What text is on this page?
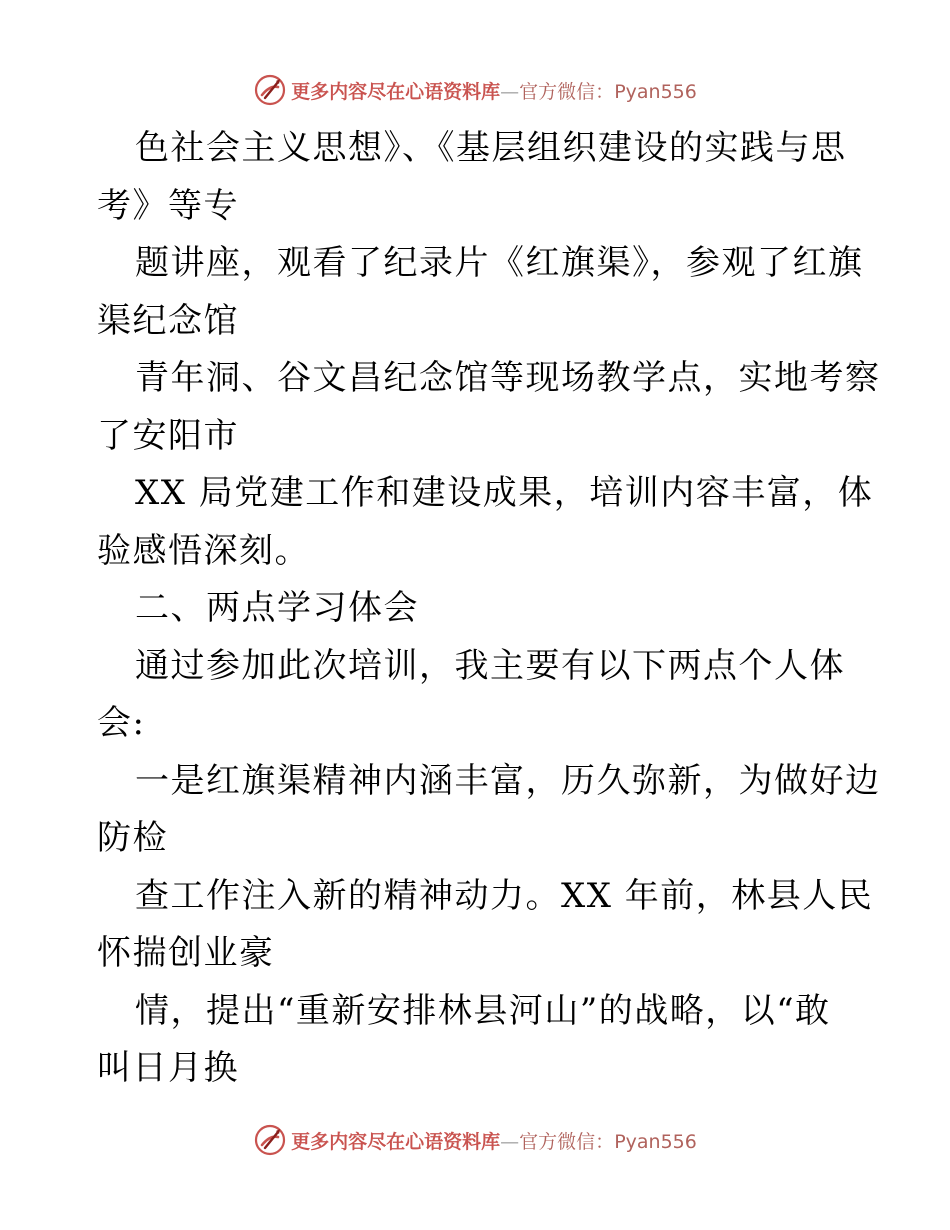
更多内容尽在心语资料库—官方微信：Pyan556
色社会主义思想》、《基层组织建设的实践与思
考》等专
题讲座，观看了纪录片《红旗渠》，参观了红旗
渠纪念馆
青年洞、谷文昌纪念馆等现场教学点，实地考察
了安阳市
XX 局党建工作和建设成果，培训内容丰富，体
验感悟深刻。
二、两点学习体会
通过参加此次培训，我主要有以下两点个人体
会:
一是红旗渠精神内涵丰富，历久弥新，为做好边
防检
查工作注入新的精神动力。XX 年前，林县人民
怀揣创业豪
情，提出“重新安排林县河山”的战略，以“敢
叫日月换
更多内容尽在心语资料库—官方微信：Pyan556
